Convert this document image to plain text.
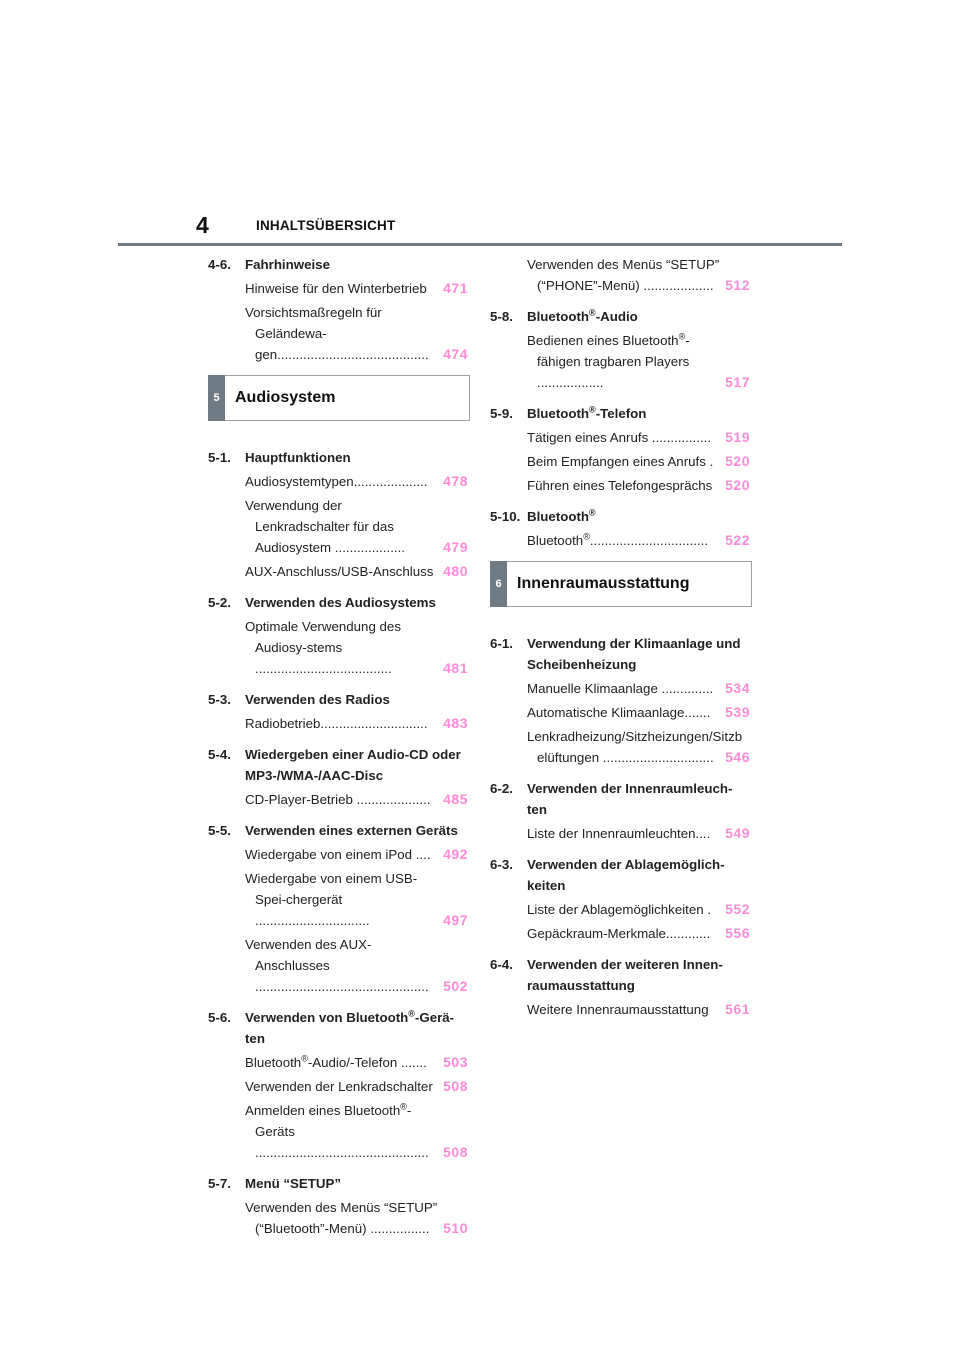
4	INHALTSÜBERSICHT
4-6.	Fahrhinweise
Hinweise für den Winterbetrieb	471
Vorsichtsmaßregeln für Geländewa-gen.........................................	474
5 Audiosystem
5-1.	Hauptfunktionen
Audiosystemtypen....................	478
Verwendung der Lenkradschalter für das Audiosystem ...................	479
AUX-Anschluss/USB-Anschluss 480
5-2.	Verwenden des Audiosystems
Optimale Verwendung des Audiosy-stems .....................................	481
5-3.	Verwenden des Radios
Radiobetrieb.............................	483
5-4.	Wiedergeben einer Audio-CD oder MP3-/WMA-/AAC-Disc
CD-Player-Betrieb .................... 485
5-5.	Verwenden eines externen Geräts
Wiedergabe von einem iPod .... 492
Wiedergabe von einem USB-Spei-chergerät ...............................	497
Verwenden des AUX-Anschlusses ...............................................	502
5-6.	Verwenden von Bluetooth®-Gerä-ten
Bluetooth®-Audio/-Telefon .......	503
Verwenden der Lenkradschalter 508
Anmelden eines Bluetooth®-Geräts ...............................................	508
5-7.	Menü “SETUP”
Verwenden des Menüs “SETUP” (“Bluetooth”-Menü) ................ 510
Verwenden des Menüs “SETUP” (“PHONE”-Menü) ................... 512
5-8.	Bluetooth®-Audio
Bedienen eines Bluetooth®-fähigen tragbaren Players ..................	517
5-9.	Bluetooth®-Telefon
Tätigen eines Anrufs ................	519
Beim Empfangen eines Anrufs . 520
Führen eines Telefongesprächs 520
5-10. Bluetooth®
Bluetooth®................................	522
6 Innenraumausstattung
6-1.	Verwendung der Klimaanlage und Scheibenheizung
Manuelle Klimaanlage .............. 534
Automatische Klimaanlage.......	539
Lenkradheizung/Sitzheizungen/Sitzb elüftungen .............................. 546
6-2.	Verwenden der Innenraumleuch-ten
Liste der Innenraumleuchten....	549
6-3.	Verwenden der Ablagemöglich-keiten
Liste der Ablagemöglichkeiten .	552
Gepäckraum-Merkmale............	556
6-4.	Verwenden der weiteren Innen-raumausstattung
Weitere Innenraumausstattung	561
